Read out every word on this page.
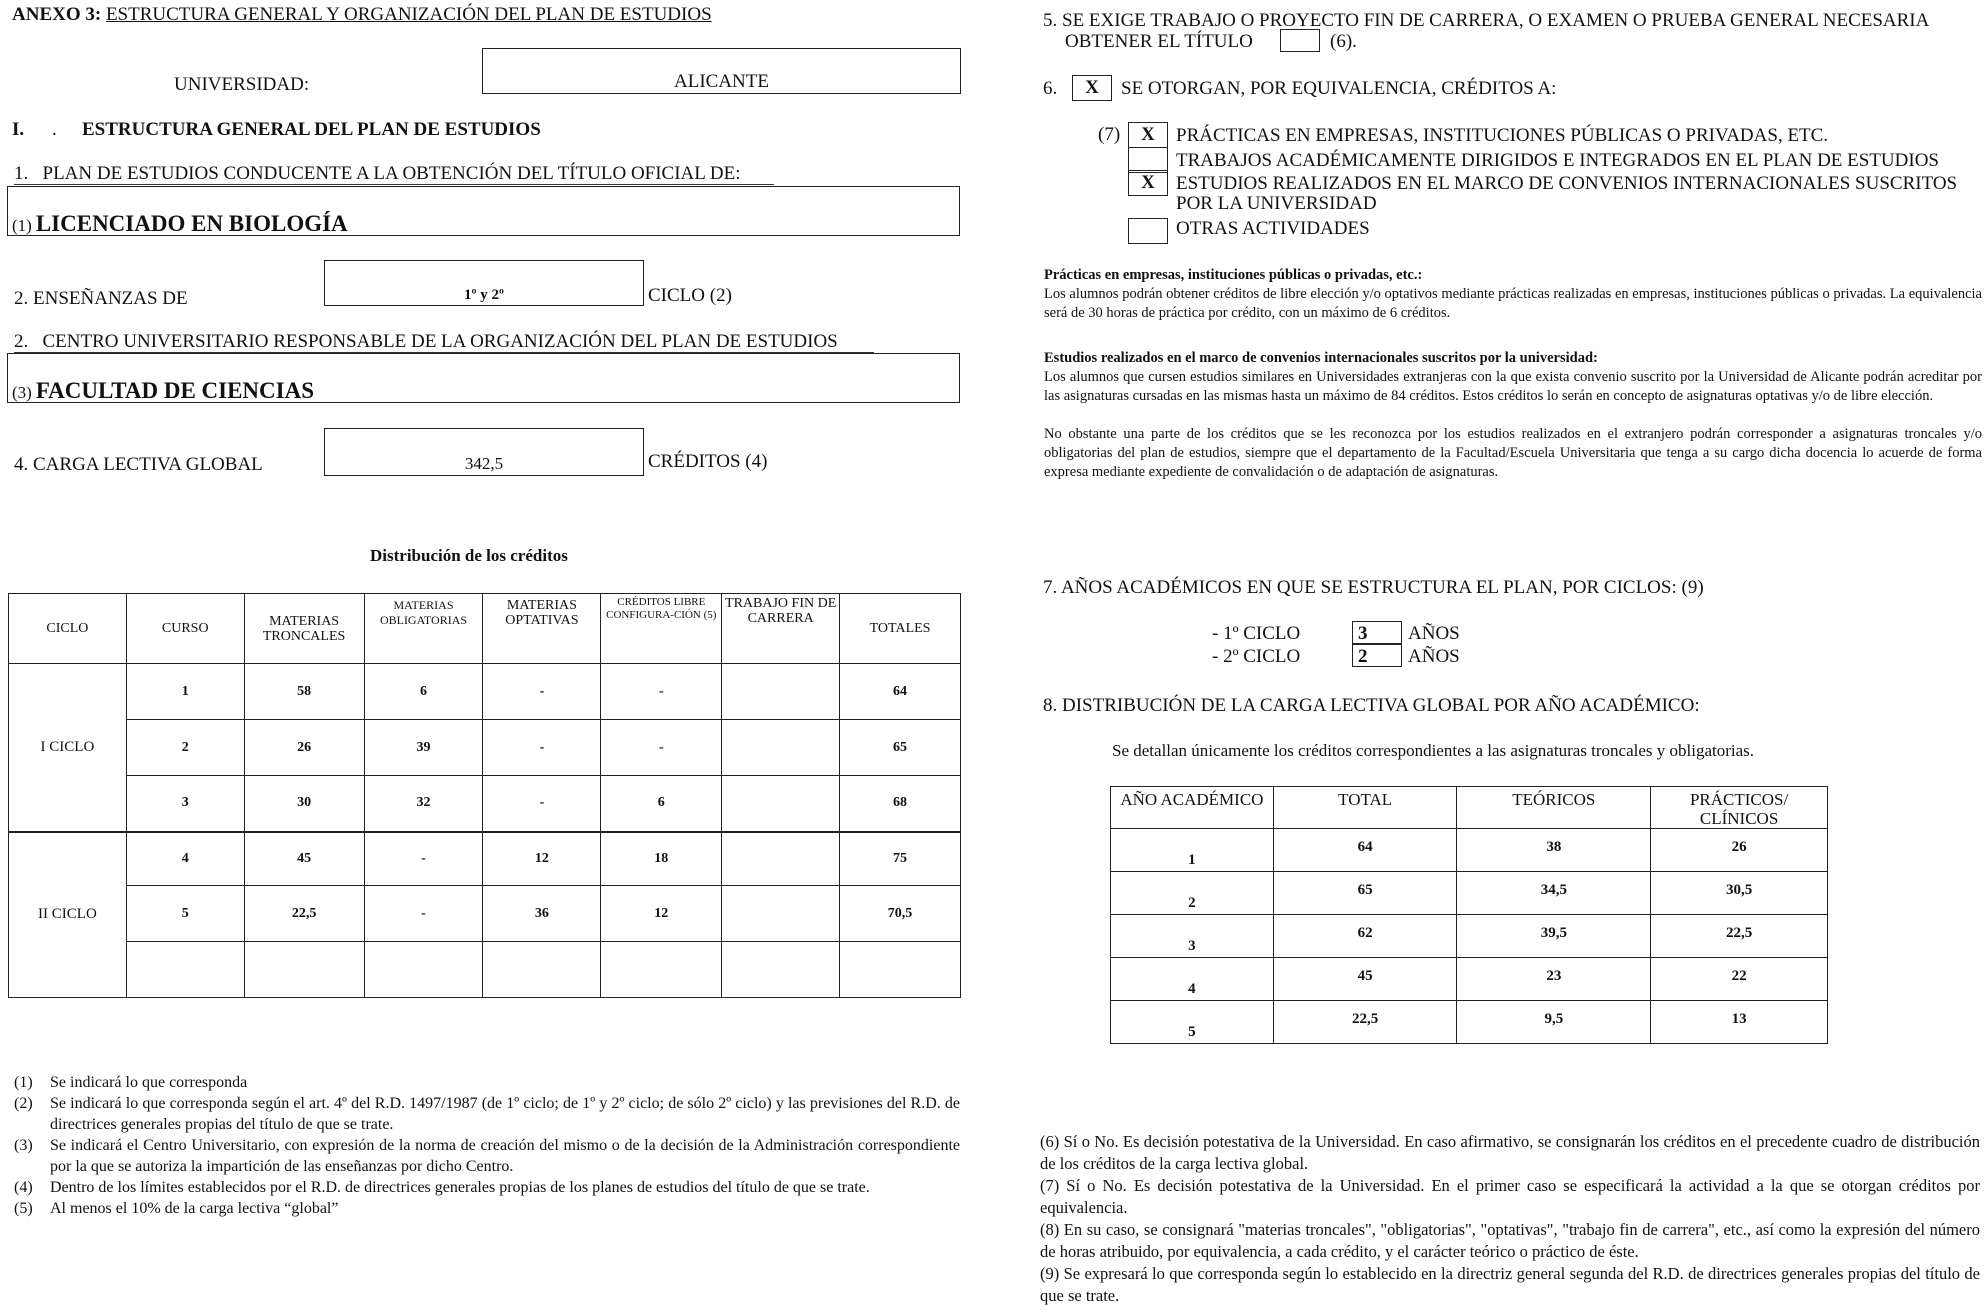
ANEXO 3: ESTRUCTURA GENERAL Y ORGANIZACIÓN DEL PLAN DE ESTUDIOS
UNIVERSIDAD:	ALICANTE
I. . ESTRUCTURA GENERAL DEL PLAN DE ESTUDIOS
1.   PLAN DE ESTUDIOS CONDUCENTE A LA OBTENCIÓN DEL TÍTULO OFICIAL DE:
(1) LICENCIADO EN BIOLOGÍA
2. ENSEÑANZAS DE	1º y 2º	CICLO (2)
2.   CENTRO UNIVERSITARIO RESPONSABLE DE LA ORGANIZACIÓN DEL PLAN DE ESTUDIOS
(3) FACULTAD DE CIENCIAS
4. CARGA LECTIVA GLOBAL	342,5	CRÉDITOS (4)
Distribución de los créditos
CICLO	CURSO	MATERIAS TRONCALES	MATERIAS OBLIGATORIAS	MATERIAS OPTATIVAS	CRÉDITOS LIBRE CONFIGURA-CIÓN (5)	TRABAJO FIN DE CARRERA	TOTALES
I CICLO	1	58	6	-	-		64
	2	26	39	-	-		65
	3	30	32	-	6		68
II CICLO	4	45	-	12	18		75
	5	22,5	-	36	12		70,5

(1)	Se indicará lo que corresponda
(2)	Se indicará lo que corresponda según el art. 4º del R.D. 1497/1987 (de 1º ciclo; de 1º y 2º ciclo; de sólo 2º ciclo) y las previsiones del R.D. de directrices generales propias del título de que se trate.
(3)	Se indicará el Centro Universitario, con expresión de la norma de creación del mismo o de la decisión de la Administración correspondiente por la que se autoriza la impartición de las enseñanzas por dicho Centro.
(4)	Dentro de los límites establecidos por el R.D. de directrices generales propias de los planes de estudios del título de que se trate.
(5)	Al menos el 10% de la carga lectiva “global”
5. SE EXIGE TRABAJO O PROYECTO FIN DE CARRERA, O EXAMEN O PRUEBA GENERAL NECESARIA
OBTENER EL TÍTULO	(6).
6.	X	SE OTORGAN, POR EQUIVALENCIA, CRÉDITOS A:
(7)	X	PRÁCTICAS EN EMPRESAS, INSTITUCIONES PÚBLICAS O PRIVADAS, ETC.
TRABAJOS ACADÉMICAMENTE DIRIGIDOS E INTEGRADOS EN EL PLAN DE ESTUDIOS
X	ESTUDIOS REALIZADOS EN EL MARCO DE CONVENIOS INTERNACIONALES SUSCRITOS
POR LA UNIVERSIDAD
OTRAS ACTIVIDADES
Prácticas en empresas, instituciones públicas o privadas, etc.:
Los alumnos podrán obtener créditos de libre elección y/o optativos mediante prácticas realizadas en empresas, instituciones públicas o privadas. La equivalencia será de 30 horas de práctica por crédito, con un máximo de 6 créditos.
Estudios realizados en el marco de convenios internacionales suscritos por la universidad:
Los alumnos que cursen estudios similares en Universidades extranjeras con la que exista convenio suscrito por la Universidad de Alicante podrán acreditar por las asignaturas cursadas en las mismas hasta un máximo de 84 créditos. Estos créditos lo serán en concepto de asignaturas optativas y/o de libre elección.
No obstante una parte de los créditos que se les reconozca por los estudios realizados en el extranjero podrán corresponder a asignaturas troncales y/o obligatorias del plan de estudios, siempre que el departamento de la Facultad/Escuela Universitaria que tenga a su cargo dicha docencia lo acuerde de forma expresa mediante expediente de convalidación o de adaptación de asignaturas.
7. AÑOS ACADÉMICOS EN QUE SE ESTRUCTURA EL PLAN, POR CICLOS: (9)
- 1º CICLO	3	AÑOS
- 2º CICLO	2	AÑOS
8. DISTRIBUCIÓN DE LA CARGA LECTIVA GLOBAL POR AÑO ACADÉMICO:
Se detallan únicamente los créditos correspondientes a las asignaturas troncales y obligatorias.
AÑO ACADÉMICO	TOTAL	TEÓRICOS	PRÁCTICOS/ CLÍNICOS
1	64	38	26
2	65	34,5	30,5
3	62	39,5	22,5
4	45	23	22
5	22,5	9,5	13
(6) Sí o No. Es decisión potestativa de la Universidad. En caso afirmativo, se consignarán los créditos en el precedente cuadro de distribución de los créditos de la carga lectiva global.
(7) Sí o No. Es decisión potestativa de la Universidad. En el primer caso se especificará la actividad a la que se otorgan créditos por equivalencia.
(8) En su caso, se consignará "materias troncales", "obligatorias", "optativas", "trabajo fin de carrera", etc., así como la expresión del número de horas atribuido, por equivalencia, a cada crédito, y el carácter teórico o práctico de éste.
(9) Se expresará lo que corresponda según lo establecido en la directriz general segunda del R.D. de directrices generales propias del título de que se trate.
